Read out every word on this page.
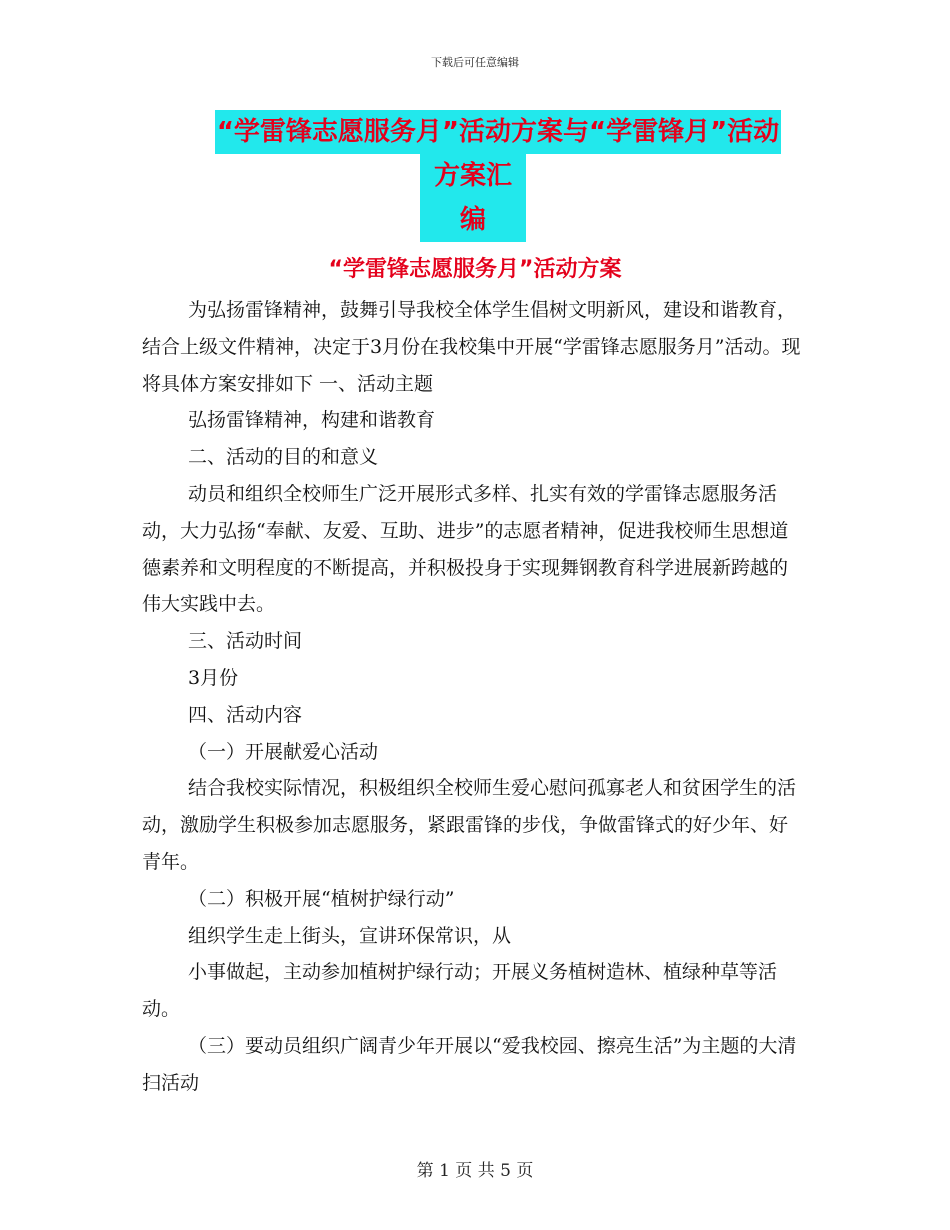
下载后可任意编辑
“学雷锋志愿服务月”活动方案与“学雷锋月”活动
方案汇编
“学雷锋志愿服务月”活动方案

为弘扬雷锋精神，鼓舞引导我校全体学生倡树文明新风，建设和谐教育，结合上级文件精神，决定于3月份在我校集中开展“学雷锋志愿服务月”活动。现将具体方案安排如下 一、活动主题

弘扬雷锋精神，构建和谐教育

二、活动的目的和意义

动员和组织全校师生广泛开展形式多样、扎实有效的学雷锋志愿服务活动，大力弘扬“奉献、友爱、互助、进步”的志愿者精神，促进我校师生思想道德素养和文明程度的不断提高，并积极投身于实现舞钢教育科学进展新跨越的伟大实践中去。

三、活动时间

3月份

四、活动内容

（一）开展献爱心活动

结合我校实际情况，积极组织全校师生爱心慰问孤寡老人和贫困学生的活动，激励学生积极参加志愿服务，紧跟雷锋的步伐，争做雷锋式的好少年、好青年。

（二）积极开展“植树护绿行动”

组织学生走上街头，宣讲环保常识，从

小事做起，主动参加植树护绿行动；开展义务植树造林、植绿种草等活动。

（三）要动员组织广阔青少年开展以“爱我校园、擦亮生活”为主题的大清扫活动

第 1 页 共 5 页
